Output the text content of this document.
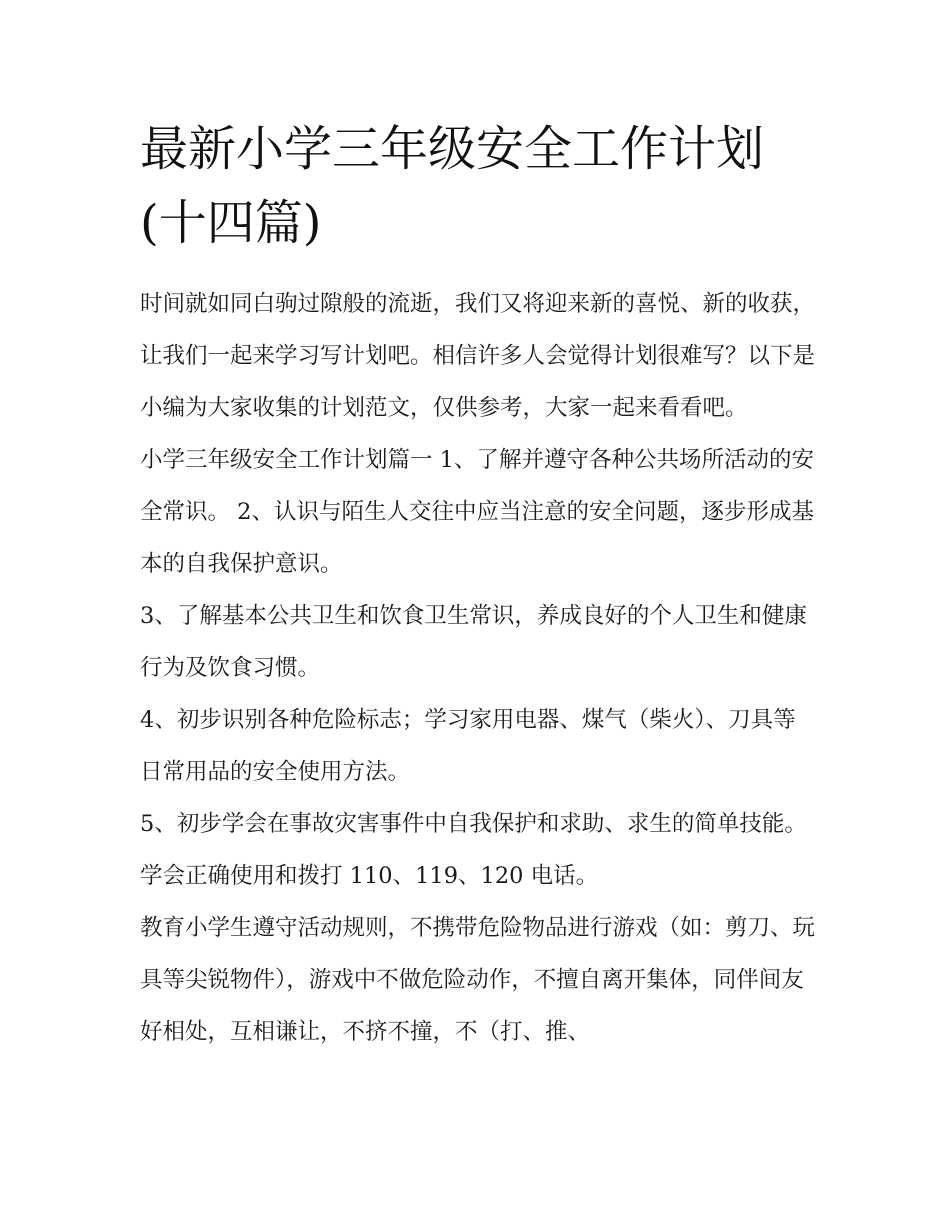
最新小学三年级安全工作计划(十四篇)

时间就如同白驹过隙般的流逝，我们又将迎来新的喜悦、新的收获，让我们一起来学习写计划吧。相信许多人会觉得计划很难写？以下是小编为大家收集的计划范文，仅供参考，大家一起来看看吧。

小学三年级安全工作计划篇一 1、了解并遵守各种公共场所活动的安全常识。 2、认识与陌生人交往中应当注意的安全问题，逐步形成基本的自我保护意识。

3、了解基本公共卫生和饮食卫生常识，养成良好的个人卫生和健康行为及饮食习惯。

4、初步识别各种危险标志；学习家用电器、煤气（柴火）、刀具等日常用品的安全使用方法。

5、初步学会在事故灾害事件中自我保护和求助、求生的简单技能。学会正确使用和拨打 110、119、120 电话。

教育小学生遵守活动规则，不携带危险物品进行游戏（如：剪刀、玩具等尖锐物件），游戏中不做危险动作，不擅自离开集体，同伴间友好相处，互相谦让，不挤不撞，不（打、推、
